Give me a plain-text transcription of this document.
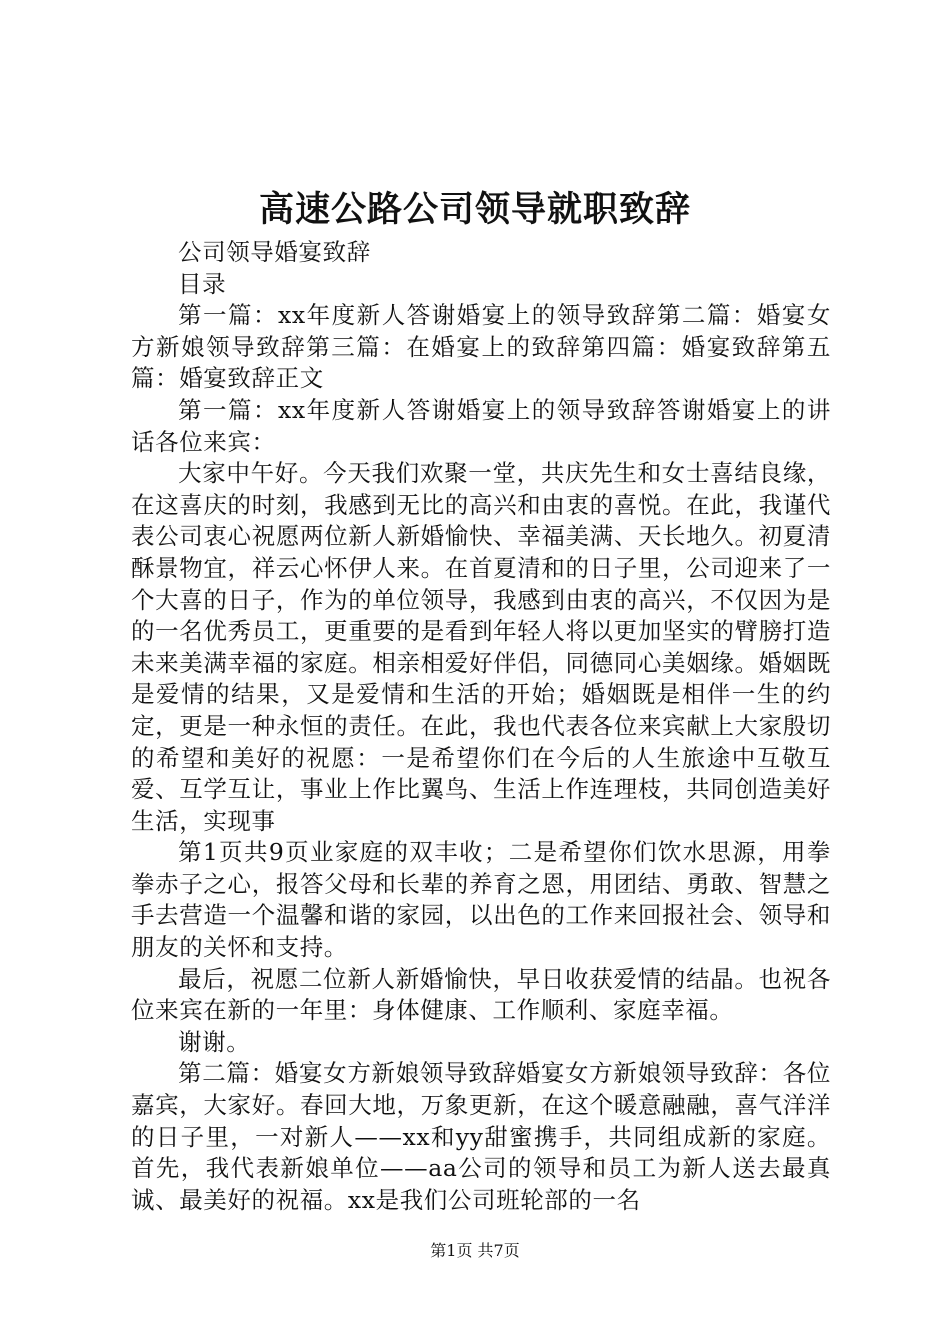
高速公路公司领导就职致辞

公司领导婚宴致辞

目录

第一篇：xx年度新人答谢婚宴上的领导致辞第二篇：婚宴女方新娘领导致辞第三篇：在婚宴上的致辞第四篇：婚宴致辞第五篇：婚宴致辞正文

第一篇：xx年度新人答谢婚宴上的领导致辞答谢婚宴上的讲话各位来宾：

大家中午好。今天我们欢聚一堂，共庆先生和女士喜结良缘，在这喜庆的时刻，我感到无比的高兴和由衷的喜悦。在此，我谨代表公司衷心祝愿两位新人新婚愉快、幸福美满、天长地久。初夏清酥景物宜，祥云心怀伊人来。在首夏清和的日子里，公司迎来了一个大喜的日子，作为的单位领导，我感到由衷的高兴，不仅因为是的一名优秀员工，更重要的是看到年轻人将以更加坚实的臂膀打造未来美满幸福的家庭。相亲相爱好伴侣，同德同心美姻缘。婚姻既是爱情的结果，又是爱情和生活的开始；婚姻既是相伴一生的约定，更是一种永恒的责任。在此，我也代表各位来宾献上大家殷切的希望和美好的祝愿：一是希望你们在今后的人生旅途中互敬互爱、互学互让，事业上作比翼鸟、生活上作连理枝，共同创造美好生活，实现事

第1页共9页业家庭的双丰收；二是希望你们饮水思源，用拳拳赤子之心，报答父母和长辈的养育之恩，用团结、勇敢、智慧之手去营造一个温馨和谐的家园，以出色的工作来回报社会、领导和朋友的关怀和支持。

最后，祝愿二位新人新婚愉快，早日收获爱情的结晶。也祝各位来宾在新的一年里：身体健康、工作顺利、家庭幸福。

谢谢。

第二篇：婚宴女方新娘领导致辞婚宴女方新娘领导致辞：各位嘉宾，大家好。春回大地，万象更新，在这个暖意融融，喜气洋洋的日子里，一对新人——xx和yy甜蜜携手，共同组成新的家庭。首先，我代表新娘单位——aa公司的领导和员工为新人送去最真诚、最美好的祝福。xx是我们公司班轮部的一名

第1页 共7页
